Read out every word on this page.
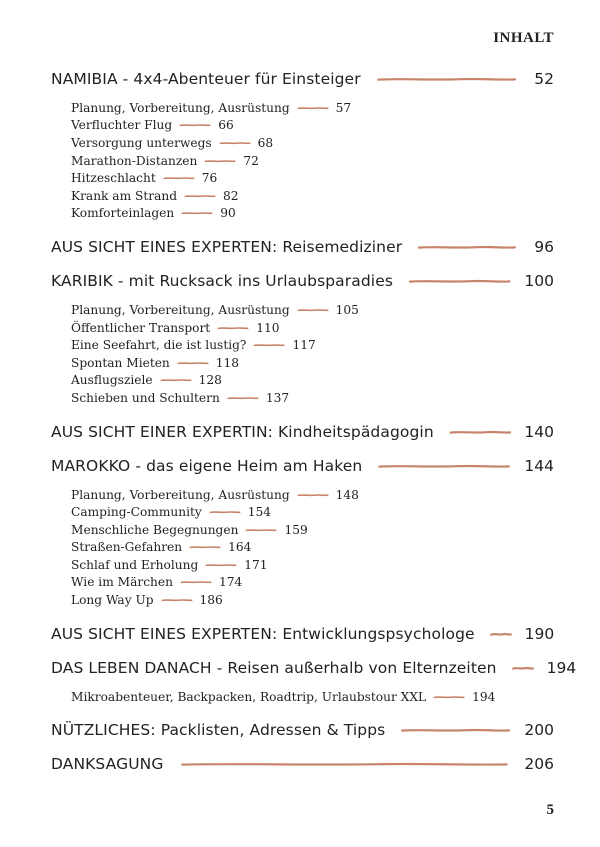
INHALT
NAMIBIA - 4x4-Abenteuer für Einsteiger	52
Planung, Vorbereitung, Ausrüstung	57
Verfluchter Flug	66
Versorgung unterwegs	68
Marathon-Distanzen	72
Hitzeschlacht	76
Krank am Strand	82
Komforteinlagen	90
AUS SICHT EINES EXPERTEN: Reisemediziner	96
KARIBIK - mit Rucksack ins Urlaubsparadies	100
Planung, Vorbereitung, Ausrüstung	105
Öffentlicher Transport	110
Eine Seefahrt, die ist lustig?	117
Spontan Mieten	118
Ausflugsziele	128
Schieben und Schultern	137
AUS SICHT EINER EXPERTIN: Kindheitspädagogin	140
MAROKKO - das eigene Heim am Haken	144
Planung, Vorbereitung, Ausrüstung	148
Camping-Community	154
Menschliche Begegnungen	159
Straßen-Gefahren	164
Schlaf und Erholung	171
Wie im Märchen	174
Long Way Up	186
AUS SICHT EINES EXPERTEN: Entwicklungspsychologe	190
DAS LEBEN DANACH - Reisen außerhalb von Elternzeiten	194
Mikroabenteuer, Backpacken, Roadtrip, Urlaubstour XXL	194
NÜTZLICHES: Packlisten, Adressen & Tipps	200
DANKSAGUNG	206
5
